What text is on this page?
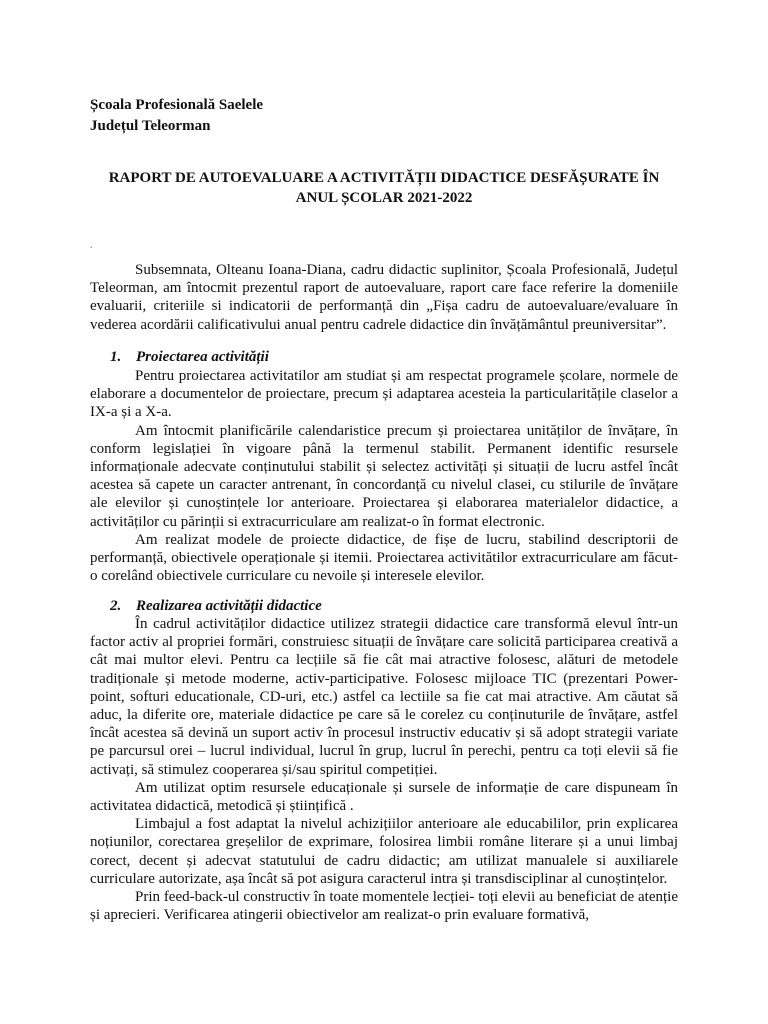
Școala Profesională Saelele
Județul Teleorman
RAPORT DE AUTOEVALUARE A ACTIVITĂȚII DIDACTICE DESFĂȘURATE ÎN
ANUL ȘCOLAR 2021-2022
.

Subsemnata, Olteanu Ioana-Diana, cadru didactic suplinitor, Școala Profesională, Județul Teleorman, am întocmit prezentul raport de autoevaluare, raport care face referire la domeniile evaluarii, criteriile si indicatorii de performanță din „Fișa cadru de autoevaluare/evaluare în vederea acordării calificativului anual pentru cadrele didactice din învățământul preuniversitar”.

1. Proiectarea activității

Pentru proiectarea activitatilor am studiat și am respectat programele școlare, normele de elaborare a documentelor de proiectare, precum și adaptarea acesteia la particularitățile claselor a IX-a și a X-a.

Am întocmit planificările calendaristice precum și proiectarea unităților de învățare, în conform legislației în vigoare până la termenul stabilit. Permanent identific resursele informaționale adecvate conținutului stabilit și selectez activități și situații de lucru astfel încât acestea să capete un caracter antrenant, în concordanță cu nivelul clasei, cu stilurile de învățare ale elevilor și cunoștințele lor anterioare. Proiectarea și elaborarea materialelor didactice, a activităților cu părinții si extracurriculare am realizat-o în format electronic.

Am realizat modele de proiecte didactice, de fișe de lucru, stabilind descriptorii de performanță, obiectivele operaționale și itemii. Proiectarea activitătilor extracurriculare am făcut-o corelând obiectivele curriculare cu nevoile și interesele elevilor.

2. Realizarea activității didactice

În cadrul activităților didactice utilizez strategii didactice care transformă elevul într-un factor activ al propriei formări, construiesc situații de învățare care solicită participarea creativă a cât mai multor elevi. Pentru ca lecțiile să fie cât mai atractive folosesc, alături de metodele tradiționale și metode moderne, activ-participative. Folosesc mijloace TIC (prezentari Power-point, softuri educationale, CD-uri, etc.) astfel ca lectiile sa fie cat mai atractive. Am căutat să aduc, la diferite ore, materiale didactice pe care să le corelez cu conținuturile de învățare, astfel încât acestea să devină un suport activ în procesul instructiv educativ și să adopt strategii variate pe parcursul orei – lucrul individual, lucrul în grup, lucrul în perechi, pentru ca toți elevii să fie activați, să stimulez cooperarea și/sau spiritul competiției.

Am utilizat optim resursele educaționale și sursele de informație de care dispuneam în activitatea didactică, metodică și științifică .

Limbajul a fost adaptat la nivelul achizițiilor anterioare ale educabililor, prin explicarea noțiunilor, corectarea greșelilor de exprimare, folosirea limbii române literare și a unui limbaj corect, decent și adecvat statutului de cadru didactic; am utilizat manualele si auxiliarele curriculare autorizate, așa încât să pot asigura caracterul intra și transdisciplinar al cunoștințelor.

Prin feed-back-ul constructiv în toate momentele lecției- toți elevii au beneficiat de atenție și aprecieri. Verificarea atingerii obiectivelor am realizat-o prin evaluare formativă,
